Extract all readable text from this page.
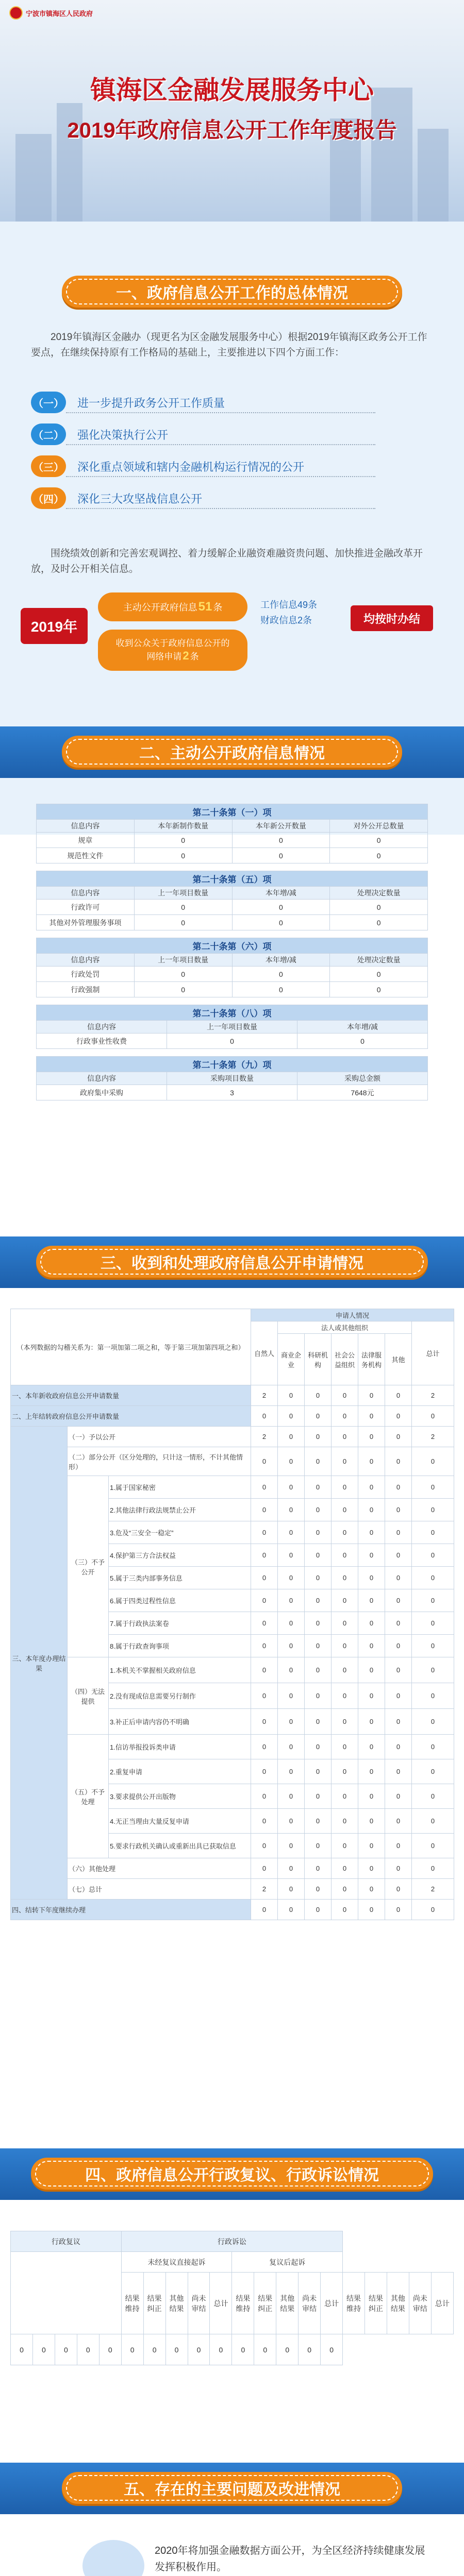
宁波市镇海区人民政府
镇海区金融发展服务中心
2019年政府信息公开工作年度报告
一、政府信息公开工作的总体情况
2019年镇海区金融办（现更名为区金融发展服务中心）根据2019年镇海区政务公开工作要点，在继续保持原有工作格局的基础上，主要推进以下四个方面工作：
（一） 进一步提升政务公开工作质量
（二） 强化决策执行公开
（三） 深化重点领域和辖内金融机构运行情况的公开
（四） 深化三大攻坚战信息公开
围绕绩效创新和完善宏观调控、着力缓解企业融资难融资贵问题、加快推进金融改革开放，及时公开相关信息。
2019年
主动公开政府信息 51 条
收到公众关于政府信息公开的网络申请2 条
工作信息49条
财政信息2条	均按时办结
二、主动公开政府信息情况
第二十条第（一）项			
信息内容	本年新制作数量	本年新公开数量	对外公开总数量
规章	0	0	0
规范性文件	0	0	0
第二十条第（五）项			
信息内容	上一年项目数量	本年增/减	处理决定数量
行政许可	0	0	0
其他对外管理服务事项	0	0	0
第二十条第（六）项			
信息内容	上一年项目数量	本年增/减	处理决定数量
行政处罚	0	0	0
行政强制	0	0	0
第二十条第（八）项		
信息内容	上一年项目数量	本年增/减
行政事业性收费	0	0
第二十条第（九）项		
信息内容	采购项目数量	采购总金额
政府集中采购	3	7648元
三、收到和处理政府信息公开申请情况
（本列数据的勾稽关系为：第一项加第二项之和，等于第三项加第四项之和）			申请人情况						
			自然人	法人或其他组织					总计
				商业企业	科研机构	社会公益组织	法律服务机构	其他	
一、本年新收政府信息公开申请数量			2	0	0	0	0	0	2
二、上年结转政府信息公开申请数量			0	0	0	0	0	0	0
三、本年度办理结果	（一）予以公开		2	0	0	0	0	0	2
	（二）部分公开（区分处理的，只计这一情形，不计其他情形）		0	0	0	0	0	0	0
	（三）不予公开	1.属于国家秘密	0	0	0	0	0	0	0
		2.其他法律行政法规禁止公开	0	0	0	0	0	0	0
		3.危及“三安全一稳定”	0	0	0	0	0	0	0
		4.保护第三方合法权益	0	0	0	0	0	0	0
		5.属于三类内部事务信息	0	0	0	0	0	0	0
		6.属于四类过程性信息	0	0	0	0	0	0	0
		7.属于行政执法案卷	0	0	0	0	0	0	0
		8.属于行政查询事项	0	0	0	0	0	0	0
	（四）无法提供	1.本机关不掌握相关政府信息	0	0	0	0	0	0	0
		2.没有现成信息需要另行制作	0	0	0	0	0	0	0
		3.补正后申请内容仍不明确	0	0	0	0	0	0	0
	（五）不予处理	1.信访举报投诉类申请	0	0	0	0	0	0	0
		2.重复申请	0	0	0	0	0	0	0
		3.要求提供公开出版物	0	0	0	0	0	0	0
		4.无正当理由大量反复申请	0	0	0	0	0	0	0
		5.要求行政机关确认或重新出具已获取信息	0	0	0	0	0	0	0
	（六）其他处理		0	0	0	0	0	0	0
	（七）总计		2	0	0	0	0	0	2
四、结转下年度继续办理			0	0	0	0	0	0	0
四、政府信息公开行政复议、行政诉讼情况
行政复议					行政诉讼														
					未经复议直接起诉					复议后起诉									
					结果维持	结果纠正	其他结果	尚未审结	总计	结果维持	结果纠正	其他结果	尚未审结	总计	结果维持	结果纠正	其他结果	尚未审结	总计
0	0	0	0	0	0	0	0	0	0	0	0	0	0	0					
五、存在的主要问题及改进情况
2020年将加强金融数据方面公开，为全区经济持续健康发展发挥积极作用。
